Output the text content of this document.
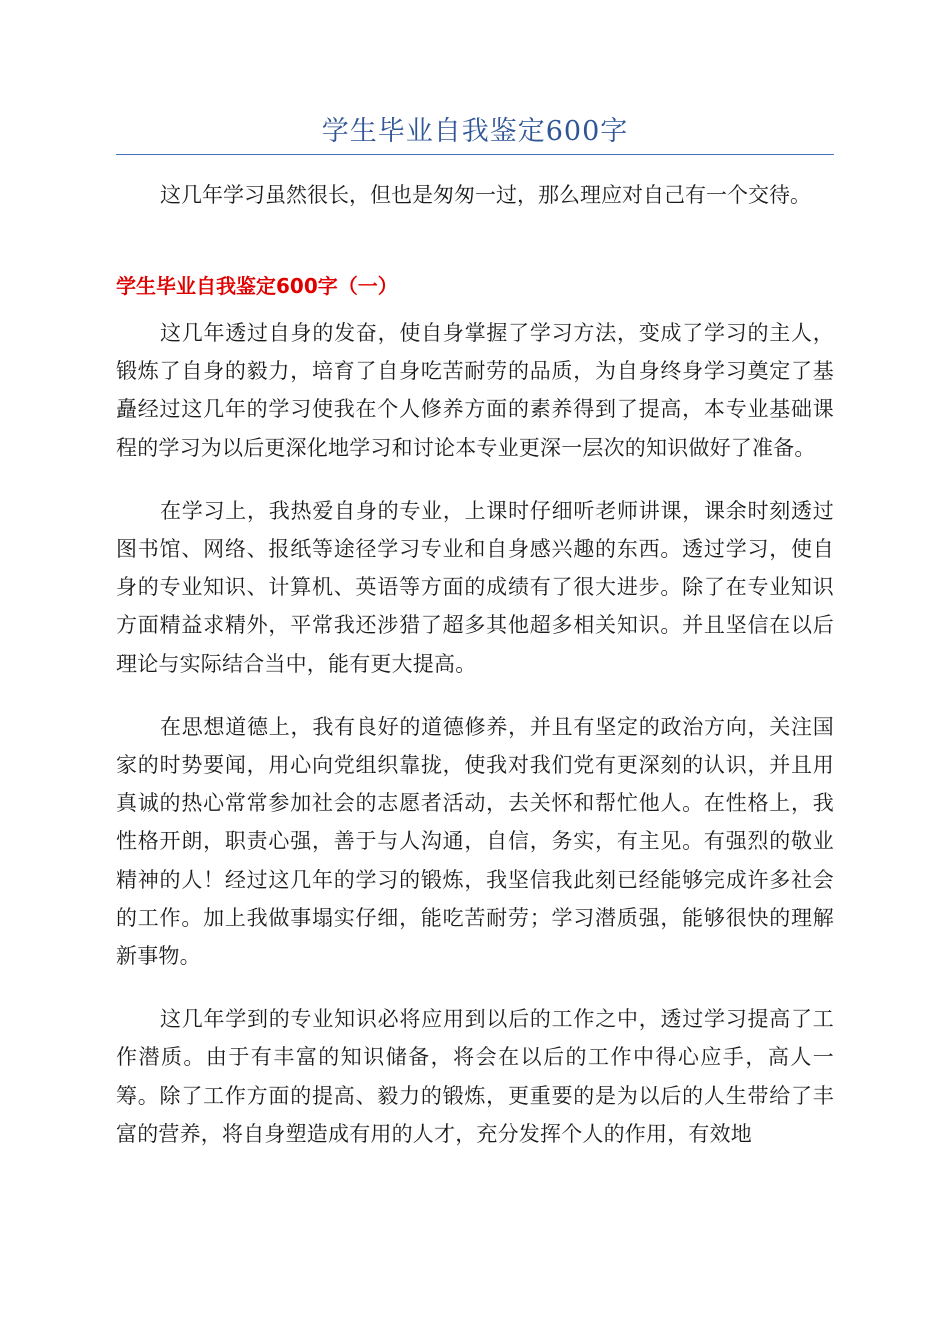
学生毕业自我鉴定600字

这几年学习虽然很长，但也是匆匆一过，那么理应对自己有一个交待。

学生毕业自我鉴定600字（一）

这几年透过自身的发奋，使自身掌握了学习方法，变成了学习的主人，锻炼了自身的毅力，培育了自身吃苦耐劳的品质，为自身终身学习奠定了基矗经过这几年的学习使我在个人修养方面的素养得到了提高，本专业基础课程的学习为以后更深化地学习和讨论本专业更深一层次的知识做好了准备。

在学习上，我热爱自身的专业，上课时仔细听老师讲课，课余时刻透过图书馆、网络、报纸等途径学习专业和自身感兴趣的东西。透过学习，使自身的专业知识、计算机、英语等方面的成绩有了很大进步。除了在专业知识方面精益求精外，平常我还涉猎了超多其他超多相关知识。并且坚信在以后理论与实际结合当中，能有更大提高。

在思想道德上，我有良好的道德修养，并且有坚定的政治方向，关注国家的时势要闻，用心向党组织靠拢，使我对我们党有更深刻的认识，并且用真诚的热心常常参加社会的志愿者活动，去关怀和帮忙他人。在性格上，我性格开朗，职责心强，善于与人沟通，自信，务实，有主见。有强烈的敬业精神的人！经过这几年的学习的锻炼，我坚信我此刻已经能够完成许多社会的工作。加上我做事塌实仔细，能吃苦耐劳；学习潜质强，能够很快的理解新事物。

这几年学到的专业知识必将应用到以后的工作之中，透过学习提高了工作潜质。由于有丰富的知识储备，将会在以后的工作中得心应手，高人一筹。除了工作方面的提高、毅力的锻炼，更重要的是为以后的人生带给了丰富的营养，将自身塑造成有用的人才，充分发挥个人的作用，有效地
